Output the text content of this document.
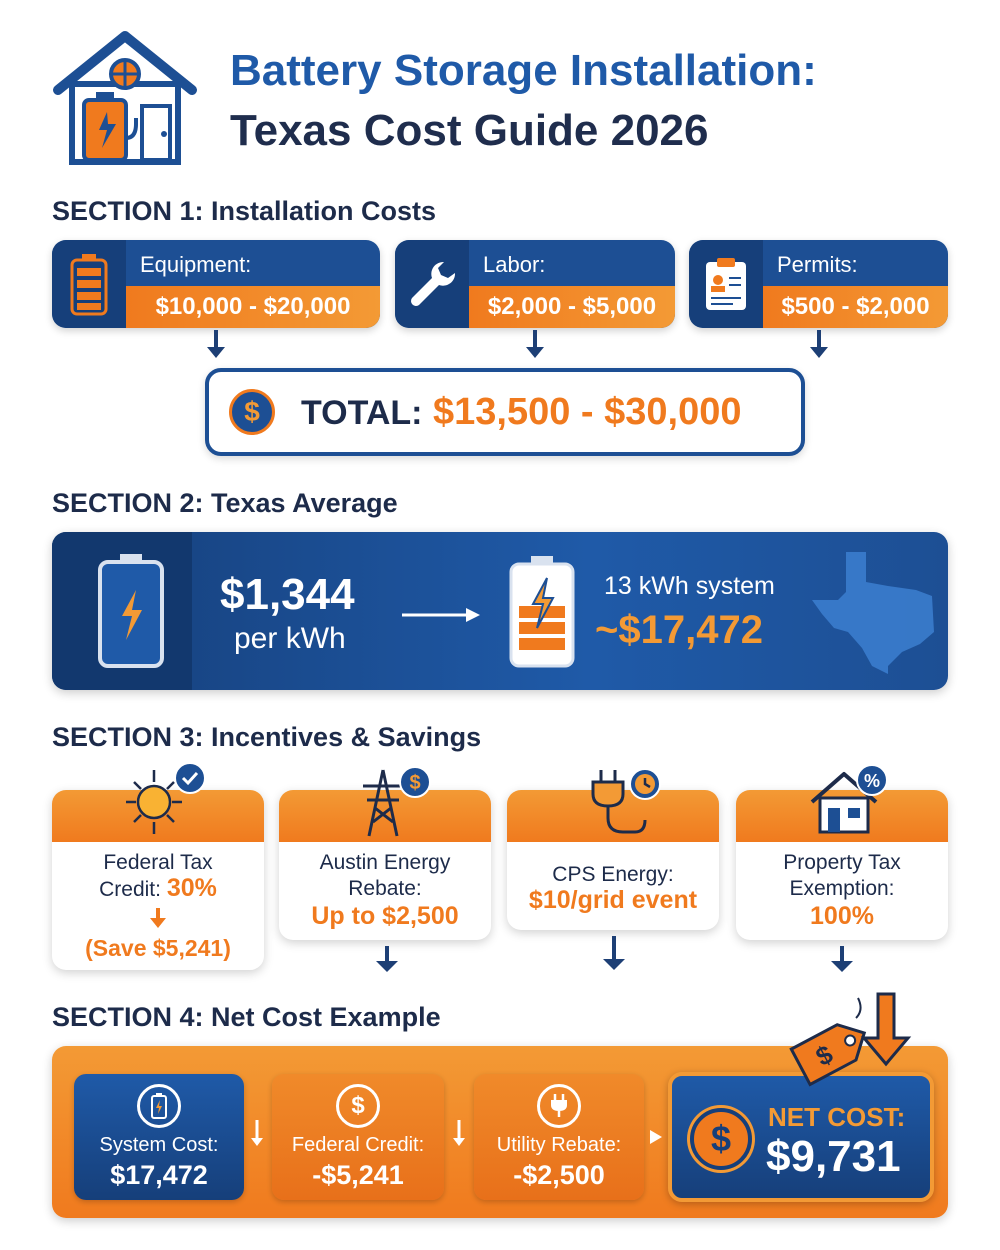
Battery Storage Installation:
Texas Cost Guide 2026
SECTION 1: Installation Costs
Equipment:
$10,000 - $20,000
Labor:
$2,000 - $5,000
Permits:
$500 - $2,000
$	TOTAL: $13,500 - $30,000
SECTION 2: Texas Average
$1,344
per kWh
13 kWh system
~$17,472
SECTION 3: Incentives & Savings
Federal Tax
Credit: 30%
(Save $5,241)
$
Austin Energy
Rebate:
Up to $2,500
CPS Energy:
$10/grid event
%
Property Tax
Exemption:
100%
SECTION 4: Net Cost Example
System Cost:
$17,472
$
Federal Credit:
-$5,241
Utility Rebate:
-$2,500
$
NET COST:
$9,731
$
